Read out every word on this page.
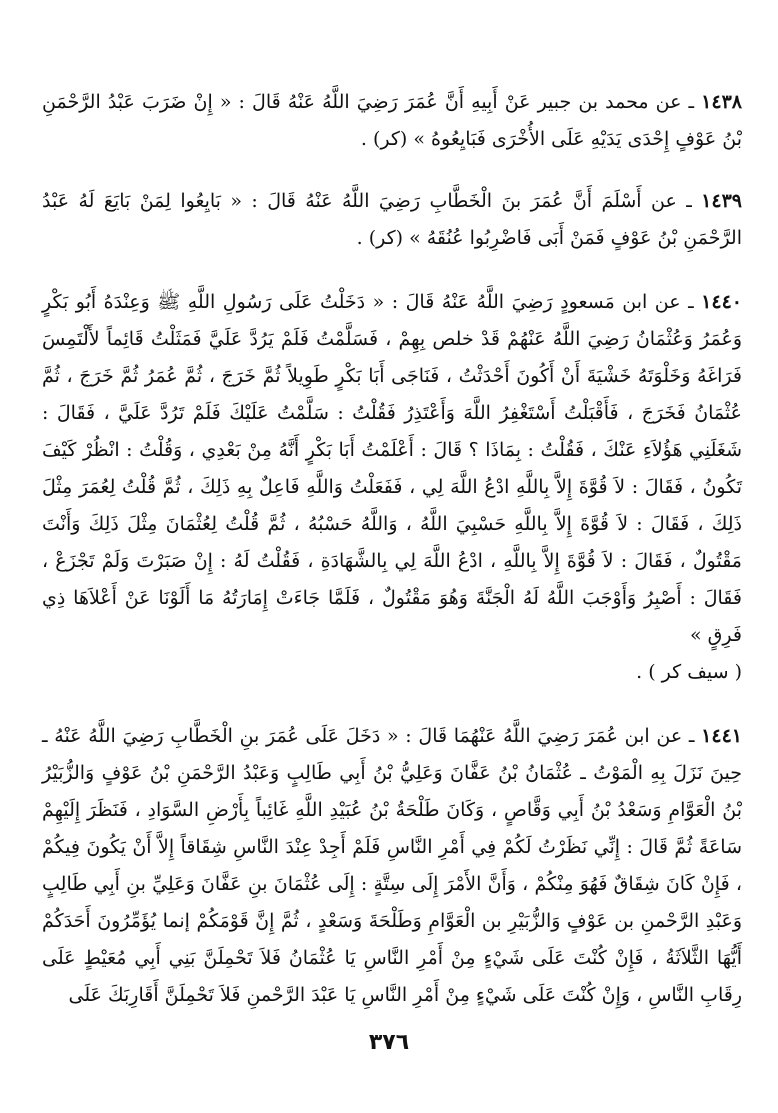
١٤٣٨ ـ عن محمد بن جبير عَنْ أَبِيهِ أَنَّ عُمَرَ رَضِيَ اللَّهُ عَنْهُ قَالَ : « إِنْ ضَرَبَ عَبْدُ الرَّحْمَنِ بْنُ عَوْفٍ إِحْدَى يَدَيْهِ عَلَى الأُخْرَى فَبَايِعُوهُ » (كر) .

١٤٣٩ ـ عن أَسْلَمَ أَنَّ عُمَرَ بنَ الْخَطَّابِ رَضِيَ اللَّهُ عَنْهُ قَالَ : « بَايِعُوا لِمَنْ بَايَعَ لَهُ عَبْدُ الرَّحْمَنِ بْنُ عَوْفٍ فَمَنْ أَبَى فَاضْرِبُوا عُنُقَهُ » (كر) .

١٤٤٠ ـ عن ابن مَسعودٍ رَضِيَ اللَّهُ عَنْهُ قَالَ : « دَخَلْتُ عَلَى رَسُولِ اللَّهِ ﷺ وَعِنْدَهُ أَبُو بَكْرٍ وَعُمَرُ وَعُثْمَانُ رَضِيَ اللَّهُ عَنْهُمْ قَدْ خلص بِهِمْ ، فَسَلَّمْتُ فَلَمْ يَرُدَّ عَلَيَّ فَمَثَلْتُ قَائِماً لأَلْتَمِسَ فَرَاغَهُ وَخَلْوَتَهُ خَشْيَةَ أَنْ أَكُونَ أَحْدَثْتُ ، فَنَاجَى أَبَا بَكْرٍ طَوِيلاً ثُمَّ خَرَجَ ، ثُمَّ عُمَرُ ثُمَّ خَرَجَ ، ثُمَّ عُثْمَانُ فَخَرَجَ ، فَأَقْبَلْتُ أَسْتَغْفِرُ اللَّهَ وَأَعْتَذِرُ فَقُلْتُ : سَلَّمْتُ عَلَيْكَ فَلَمْ تَرُدَّ عَلَيَّ ، فَقَالَ : شَغَلَنِي هَؤُلاَءِ عَنْكَ ، فَقُلْتُ : بِمَاذَا ؟ قَالَ : أَعْلَمْتُ أَبَا بَكْرٍ أَنَّهُ مِنْ بَعْدِي ، وَقُلْتُ : انْظُرْ كَيْفَ تَكُونُ ، فَقَالَ : لاَ قُوَّةَ إِلاَّ بِاللَّهِ ادْعُ اللَّهَ لِي ، فَفَعَلْتُ وَاللَّهِ فَاعِلٌ بِهِ ذَلِكَ ، ثُمَّ قُلْتُ لِعُمَرَ مِثْلَ ذَلِكَ ، فَقَالَ : لاَ قُوَّةَ إِلاَّ بِاللَّهِ حَسْبِيَ اللَّهُ ، وَاللَّهُ حَسْبُهُ ، ثُمَّ قُلْتُ لِعُثْمَانَ مِثْلَ ذَلِكَ وَأَنْتَ مَقْتُولٌ ، فَقَالَ : لاَ قُوَّةَ إِلاَّ بِاللَّهِ ، ادْعُ اللَّهَ لِي بِالشَّهَادَةِ ، فَقُلْتُ لَهُ : إِنْ صَبَرْتَ وَلَمْ تَجْزَعْ ، فَقَالَ : أَصْبِرُ وَأَوْجَبَ اللَّهُ لَهُ الْجَنَّةَ وَهُوَ مَقْتُولٌ ، فَلَمَّا جَاءَتْ إِمَارَتُهُ مَا أَلَوْنَا عَنْ أَعْلاَهَا ذِي فَرِقٍ »

( سيف كر ) .

١٤٤١ ـ عن ابن عُمَرَ رَضِيَ اللَّهُ عَنْهُمَا قَالَ : « دَخَلَ عَلَى عُمَرَ بنِ الْخَطَّابِ رَضِيَ اللَّهُ عَنْهُ ـ حِينَ نَزَلَ بِهِ الْمَوْتُ ـ عُثْمَانُ بْنُ عَفَّانَ وَعَلِيُّ بْنُ أَبِي طَالِبٍ وَعَبْدُ الرَّحْمَنِ بْنُ عَوْفٍ وَالزُّبَيْرُ بْنُ الْعَوَّامِ وَسَعْدُ بْنُ أَبِي وَقَّاصٍ ، وَكَانَ طَلْحَةُ بْنُ عُبَيْدِ اللَّهِ غَائِباً بِأَرْضِ السَّوَادِ ، فَنَظَرَ إِلَيْهِمْ سَاعَةً ثُمَّ قَالَ : إِنِّي نَظَرْتُ لَكُمْ فِي أَمْرِ النَّاسِ فَلَمْ أَجِدْ عِنْدَ النَّاسِ شِقَاقاً إِلاَّ أَنْ يَكُونَ فِيكُمْ ، فَإِنْ كَانَ شِقَاقٌ فَهُوَ مِنْكُمْ ، وَأَنَّ الأَمْرَ إِلَى سِتَّةٍ : إِلَى عُثْمَانَ بنِ عَفَّانَ وَعَلِيِّ بنِ أَبِي طَالِبٍ وَعَبْدِ الرَّحْمنِ بن عَوْفٍ وَالزُّبَيْرِ بن الْعَوَّامِ وَطَلْحَةَ وَسَعْدٍ ، ثُمَّ إِنَّ قَوْمَكُمْ إنما يُؤَمِّرُونَ أَحَدَكُمْ أَيُّهَا الثَّلاَثَةُ ، فَإِنْ كُنْتَ عَلَى شَيْءٍ مِنْ أَمْرِ النَّاسِ يَا عُثْمَانُ فَلاَ تَحْمِلَنَّ بَنِي أَبِي مُعَيْطٍ عَلَى رِقَابِ النَّاسِ ، وَإِنْ كُنْتَ عَلَى شَيْءٍ مِنْ أَمْرِ النَّاسِ يَا عَبْدَ الرَّحْمنِ فَلاَ تَحْمِلَنَّ أَقَارِبَكَ عَلَى

٣٧٦
